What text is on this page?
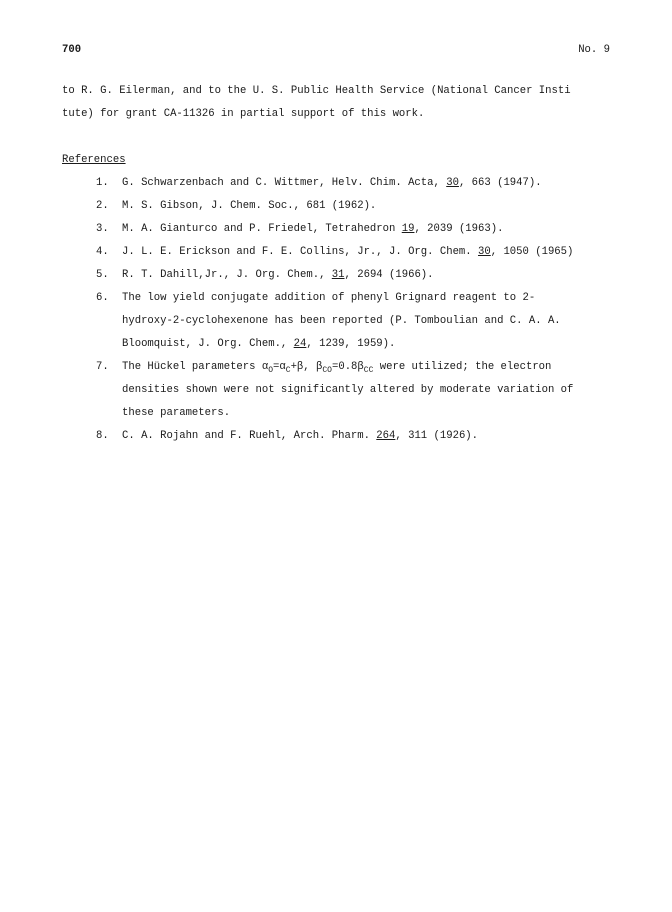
700	No. 9
to R. G. Eilerman, and to the U. S. Public Health Service (National Cancer Insti
tute) for grant CA-11326 in partial support of this work.
References
1. G. Schwarzenbach and C. Wittmer, Helv. Chim. Acta, 30, 663 (1947).
2. M. S. Gibson, J. Chem. Soc., 681 (1962).
3. M. A. Gianturco and P. Friedel, Tetrahedron 19, 2039 (1963).
4. J. L. E. Erickson and F. E. Collins, Jr., J. Org. Chem. 30, 1050 (1965)
5. R. T. Dahill,Jr., J. Org. Chem., 31, 2694 (1966).
6. The low yield conjugate addition of phenyl Grignard reagent to 2-
hydroxy-2-cyclohexenone has been reported (P. Tomboulian and C. A. A.
Bloomquist, J. Org. Chem., 24, 1239, 1959).
7. The Hückel parameters $\alpha_O=\alpha_C+\beta$, $\beta_{CO}=0.8\beta_{CC}$ were utilized; the electron
densities shown were not significantly altered by moderate variation of
these parameters.
8. C. A. Rojahn and F. Ruehl, Arch. Pharm. 264, 311 (1926).
